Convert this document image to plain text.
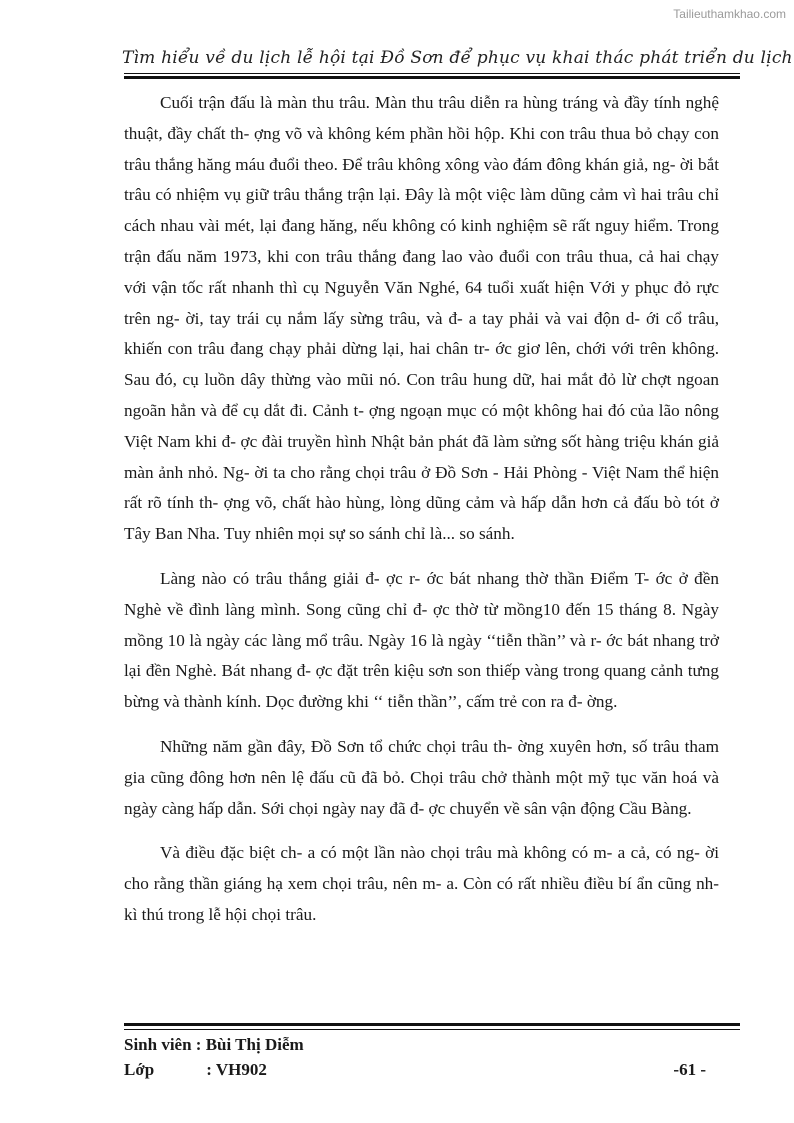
Tailieuthamkhao.com
Tìm hiểu về du lịch lễ hội tại Đồ Sơn để phục vụ khai thác phát triển du lịch

Cuối trận đấu là màn thu trâu. Màn thu trâu diễn ra hùng tráng và đầy tính nghệ thuật, đầy chất th- ợng võ và không kém phần hồi hộp. Khi con trâu thua bỏ chạy con trâu thắng hăng máu đuổi theo. Để trâu không xông vào đám đông khán giả, ng- ời bắt trâu có nhiệm vụ giữ trâu thắng trận lại. Đây là một việc làm dũng cảm vì hai trâu chỉ cách nhau vài mét, lại đang hăng, nếu không có kinh nghiệm sẽ rất nguy hiểm. Trong trận đấu năm 1973, khi con trâu thắng đang lao vào đuổi con trâu thua, cả hai chạy với vận tốc rất nhanh thì cụ Nguyễn Văn Nghé, 64 tuổi xuất hiện Với y phục đỏ rực trên ng- ời, tay trái cụ nắm lấy sừng trâu, và đ- a tay phải và vai độn d- ới cổ trâu, khiến con trâu đang chạy phải dừng lại, hai chân tr- ớc giơ lên, chới với trên không. Sau đó, cụ luồn dây thừng vào mũi nó. Con trâu hung dữ, hai mắt đỏ lừ chợt ngoan ngoãn hẳn và để cụ dắt đi. Cảnh t- ợng ngoạn mục có một không hai đó của lão nông Việt Nam khi đ- ợc đài truyền hình Nhật bản phát đã làm sửng sốt hàng triệu khán giả màn ảnh nhỏ. Ng- ời ta cho rằng chọi trâu ở Đồ Sơn - Hải Phòng - Việt Nam thể hiện rất rõ tính th- ợng võ, chất hào hùng, lòng dũng cảm và hấp dẫn hơn cả đấu bò tót ở Tây Ban Nha. Tuy nhiên mọi sự so sánh chỉ là... so sánh.

Làng nào có trâu thắng giải đ- ợc r- ớc bát nhang thờ thần Điểm T- ớc ở đền Nghè về đình làng mình. Song cũng chỉ đ- ợc thờ từ mồng10 đến 15 tháng 8. Ngày mồng 10 là ngày các làng mổ trâu. Ngày 16 là ngày ‘‘tiễn thần’’ và r- ớc bát nhang trở lại đền Nghè. Bát nhang đ- ợc đặt trên kiệu sơn son thiếp vàng trong quang cảnh tưng bừng và thành kính. Dọc đường khi ‘‘ tiễn thần’’, cấm trẻ con ra đ- ờng.

Những năm gần đây, Đồ Sơn tổ chức chọi trâu th- ờng xuyên hơn, số trâu tham gia cũng đông hơn nên lệ đấu cũ đã bỏ. Chọi trâu chở thành một mỹ tục văn hoá và ngày càng hấp dẫn. Sới chọi ngày nay đã đ- ợc chuyển về sân vận động Cầu Bàng.

Và điều đặc biệt ch- a có một lần nào chọi trâu mà không có m- a cả, có ng- ời cho rằng thần giáng hạ xem chọi trâu, nên m- a. Còn có rất nhiều điều bí ẩn cũng nh- kì thú trong lễ hội chọi trâu.

Sinh viên : Bùi Thị Diễm
Lớp	: VH902	-61 -
